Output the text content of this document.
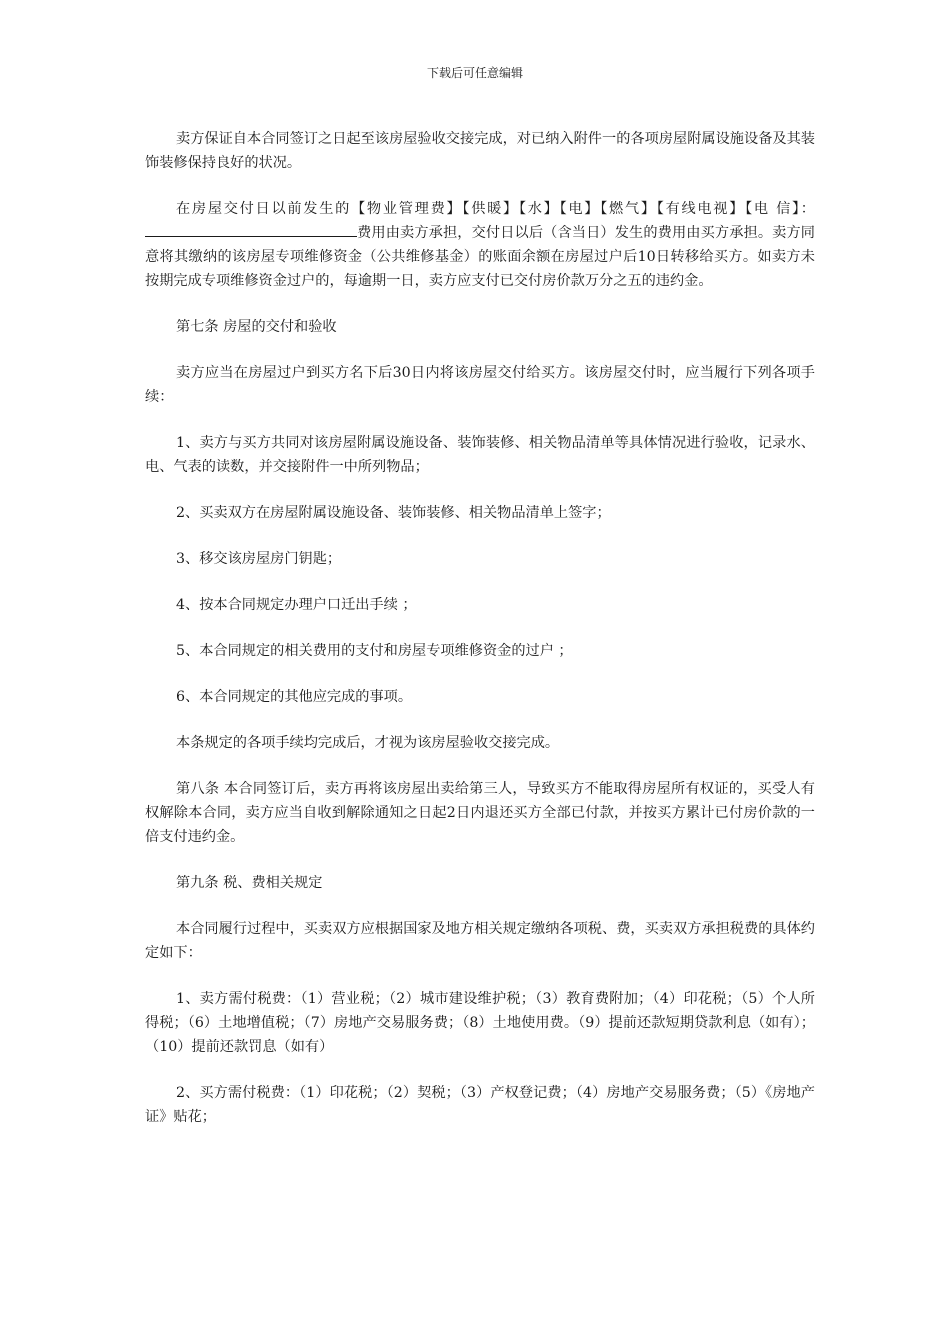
下载后可任意编辑

卖方保证自本合同签订之日起至该房屋验收交接完成，对已纳入附件一的各项房屋附属设施设备及其装饰装修保持良好的状况。

在房屋交付日以前发生的【物业管理费】【供暖】【水】【电】【燃气】【有线电视】【电 信】：费用由卖方承担，交付日以后（含当日）发生的费用由买方承担。卖方同意将其缴纳的该房屋专项维修资金（公共维修基金）的账面余额在房屋过户后10日转移给买方。如卖方未按期完成专项维修资金过户的，每逾期一日，卖方应支付已交付房价款万分之五的违约金。

第七条 房屋的交付和验收

卖方应当在房屋过户到买方名下后30日内将该房屋交付给买方。该房屋交付时，应当履行下列各项手续：

1、卖方与买方共同对该房屋附属设施设备、装饰装修、相关物品清单等具体情况进行验收，记录水、电、气表的读数，并交接附件一中所列物品；

2、买卖双方在房屋附属设施设备、装饰装修、相关物品清单上签字；

3、移交该房屋房门钥匙；

4、按本合同规定办理户口迁出手续 ；

5、本合同规定的相关费用的支付和房屋专项维修资金的过户 ；

6、本合同规定的其他应完成的事项。

本条规定的各项手续均完成后，才视为该房屋验收交接完成。

第八条 本合同签订后，卖方再将该房屋出卖给第三人，导致买方不能取得房屋所有权证的，买受人有权解除本合同，卖方应当自收到解除通知之日起2日内退还买方全部已付款，并按买方累计已付房价款的一倍支付违约金。

第九条 税、费相关规定

本合同履行过程中，买卖双方应根据国家及地方相关规定缴纳各项税、费，买卖双方承担税费的具体约定如下：

1、卖方需付税费：（1）营业税；（2）城市建设维护税；（3）教育费附加；（4）印花税；（5）个人所得税；（6）土地增值税；（7）房地产交易服务费；（8）土地使用费。（9）提前还款短期贷款利息（如有）；（10）提前还款罚息（如有）

2、买方需付税费：（1）印花税；（2）契税；（3）产权登记费；（4）房地产交易服务费；（5）《房地产证》贴花；
